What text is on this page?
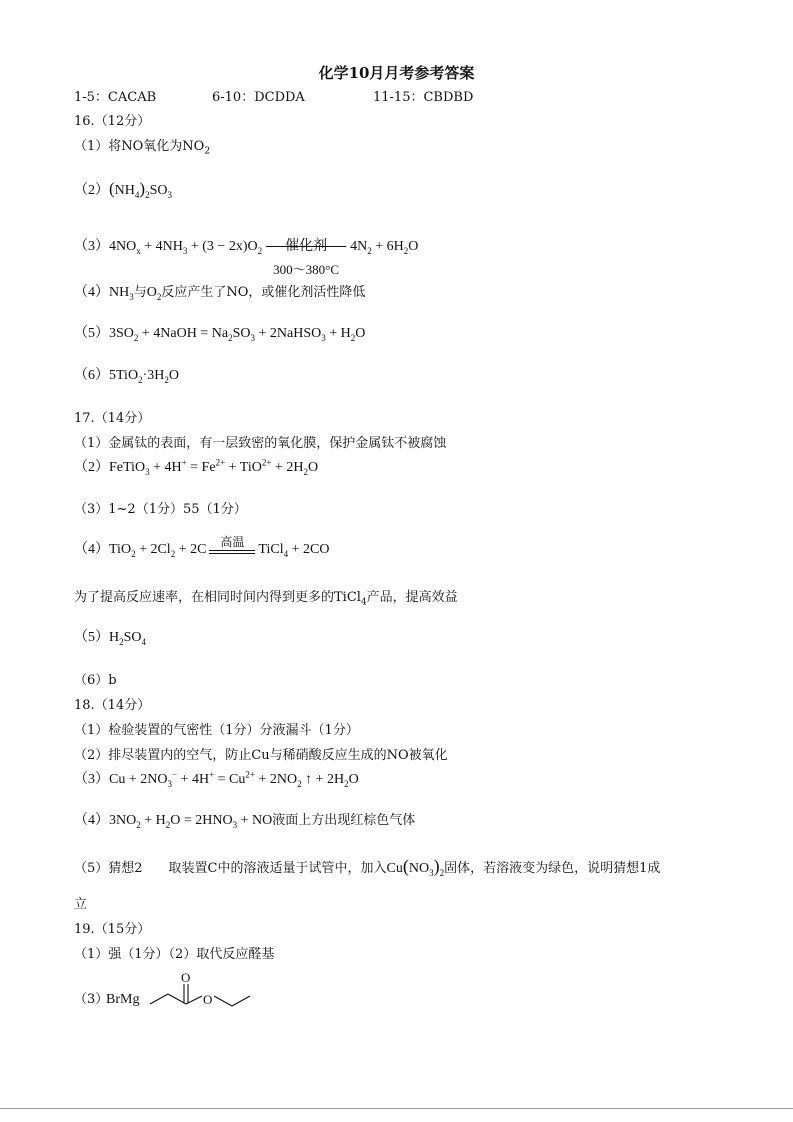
化学10月月考参考答案
1-5：CACAB	6-10：DCDDA	11-15：CBDBD
16.（12分）
（1）将NO氧化为$NO_2$
$(2)(NH_4)_2SO_3$
$(3)4NO_x + 4NH_3 + (3 - 2x)O_2$	催化剂
300～380°C
$4N_2 + 6H_2O$
$(4)NH_3$与$O_2$反应产生了NO，或催化剂活性降低
$(5)3SO_2$ + 4NaOH = $Na_2SO_3$ + 2NaHSO$_3$ + $H_2O$
$(6)5TiO_2\cdot 3H_2O$
17.（14分）
（1）金属钛的表面，有一层致密的氧化膜，保护金属钛不被腐蚀
（2）FeTiO$_3$ + $4H^+ = Fe^{2+} + TiO^{2+} + 2H_2O$
（3）1~2（1分）55（1分）
$(4)TiO_2 + 2Cl_2 + 2C$
高温
TiCl$_4$ + 2CO
为了提高反应速率，在相同时间内得到更多的TiCl$_4$产品，提高效益
$(5)H_2SO_4$
（6）b
18.（14分）
（1）检验装置的气密性（1分）分液漏斗（1分）
（2）排尽装置内的空气，防止Cu与稀硝酸反应生成的NO被氧化
$(3)Cu + 2NO_3^- + 4H^+ = Cu^{2+} + 2NO_2$ ↑ + $2H_2O$
$(4)3NO_2 + H_2O = 2HNO_3$ + NO液面上方出现红棕色气体
（5）猜想2 取装置C中的溶液适量于试管中，加入$Cu(NO_3)_2$固体，若溶液变为绿色，说明猜想1成
立
19.（15分）
（1）强（1分）（2）取代反应醛基
（3）
BrMg
O
O
